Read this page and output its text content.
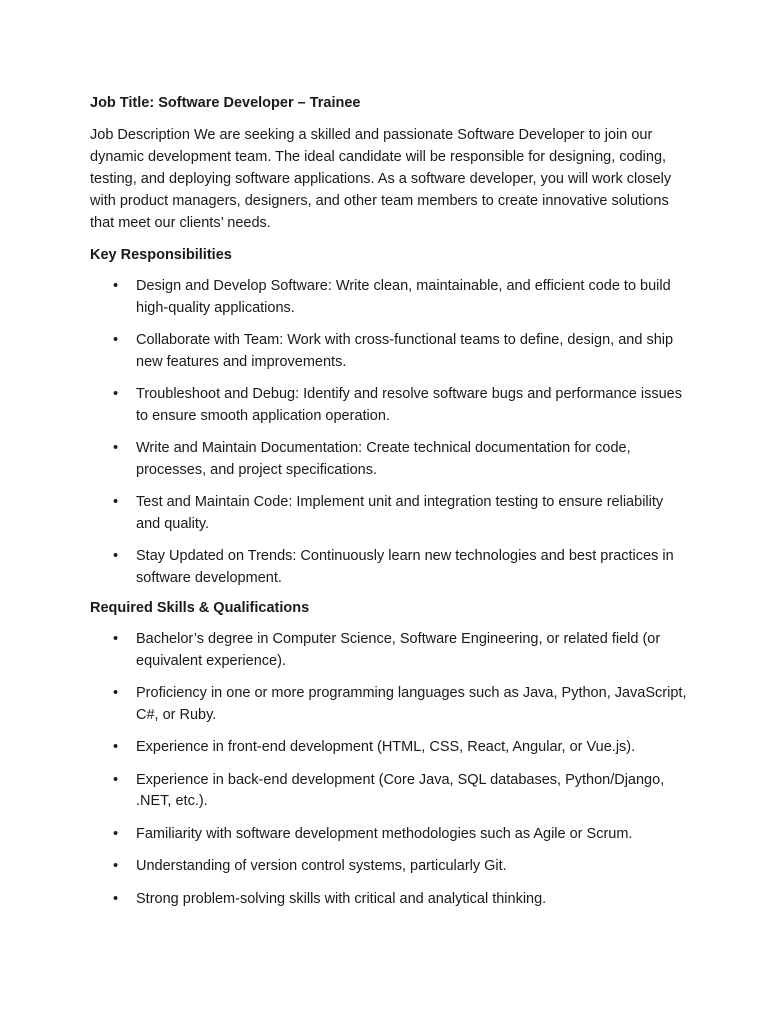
Job Title: Software Developer – Trainee

Job Description We are seeking a skilled and passionate Software Developer to join our dynamic development team. The ideal candidate will be responsible for designing, coding, testing, and deploying software applications. As a software developer, you will work closely with product managers, designers, and other team members to create innovative solutions that meet our clients’ needs.

Key Responsibilities

• Design and Develop Software: Write clean, maintainable, and efficient code to build high-quality applications.
• Collaborate with Team: Work with cross-functional teams to define, design, and ship new features and improvements.
• Troubleshoot and Debug: Identify and resolve software bugs and performance issues to ensure smooth application operation.
• Write and Maintain Documentation: Create technical documentation for code, processes, and project specifications.
• Test and Maintain Code: Implement unit and integration testing to ensure reliability and quality.
• Stay Updated on Trends: Continuously learn new technologies and best practices in software development.

Required Skills & Qualifications

• Bachelor’s degree in Computer Science, Software Engineering, or related field (or equivalent experience).
• Proficiency in one or more programming languages such as Java, Python, JavaScript, C#, or Ruby.
• Experience in front-end development (HTML, CSS, React, Angular, or Vue.js).
• Experience in back-end development (Core Java, SQL databases, Python/Django, .NET, etc.).
• Familiarity with software development methodologies such as Agile or Scrum.
• Understanding of version control systems, particularly Git.
• Strong problem-solving skills with critical and analytical thinking.
